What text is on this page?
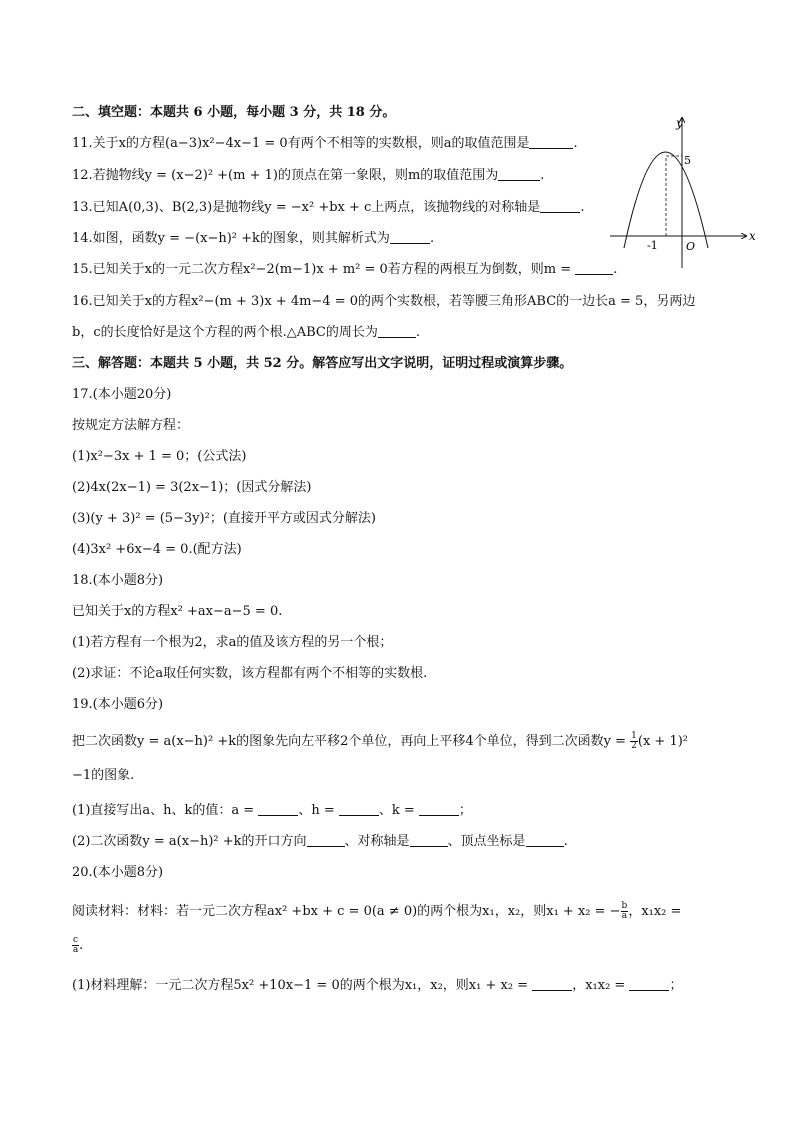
二、填空题：本题共 6 小题，每小题 3 分，共 18 分。
11.关于x的方程(a−3)x²−4x−1 = 0有两个不相等的实数根，则a的取值范围是	.
12.若抛物线y = (x−2)² +(m + 1)的顶点在第一象限，则m的取值范围为	.
13.已知A(0,3)、B(2,3)是抛物线y = −x² +bx + c上两点，该抛物线的对称轴是	.
14.如图，函数y = −(x−h)² +k的图象，则其解析式为	.
15.已知关于x的一元二次方程x²−2(m−1)x + m² = 0若方程的两根互为倒数，则m =	.
16.已知关于x的方程x²−(m + 3)x + 4m−4 = 0的两个实数根，若等腰三角形ABC的一边长a = 5，另两边
b，c的长度恰好是这个方程的两个根.△ABC的周长为	.
三、解答题：本题共 5 小题，共 52 分。解答应写出文字说明，证明过程或演算步骤。
17.(本小题20分)
按规定方法解方程：
(1)x²−3x + 1 = 0；(公式法)
(2)4x(2x−1) = 3(2x−1)；(因式分解法)
(3)(y + 3)² = (5−3y)²；(直接开平方或因式分解法)
(4)3x² +6x−4 = 0.(配方法)
18.(本小题8分)
已知关于x的方程x² +ax−a−5 = 0.
(1)若方程有一个根为2，求a的值及该方程的另一个根；
(2)求证：不论a取任何实数，该方程都有两个不相等的实数根.
19.(本小题6分)
把二次函数y = a(x−h)² +k的图象先向左平移2个单位，再向上平移4个单位，得到二次函数$y = \frac{1}{2} (x + 1)^2$
−1的图象.
(1)直接写出a、h、k的值：a =	、h =	、k =	；
(2)二次函数y = a(x−h)² +k的开口方向	、对称轴是	、顶点坐标是	.
20.(本小题8分)
阅读材料：材料：若一元二次方程ax² +bx + c = 0(a ≠ 0)的两个根为x₁，x₂，则x₁ + x₂ = − $\frac{b}{a}$ ，x₁x₂ =
$\frac{c}{a}$ .
(1)材料理解：一元二次方程5x² +10x−1 = 0的两个根为x₁，x₂，则x₁ + x₂ =	，x₁x₂ =	；
y
x
O
-1
5
